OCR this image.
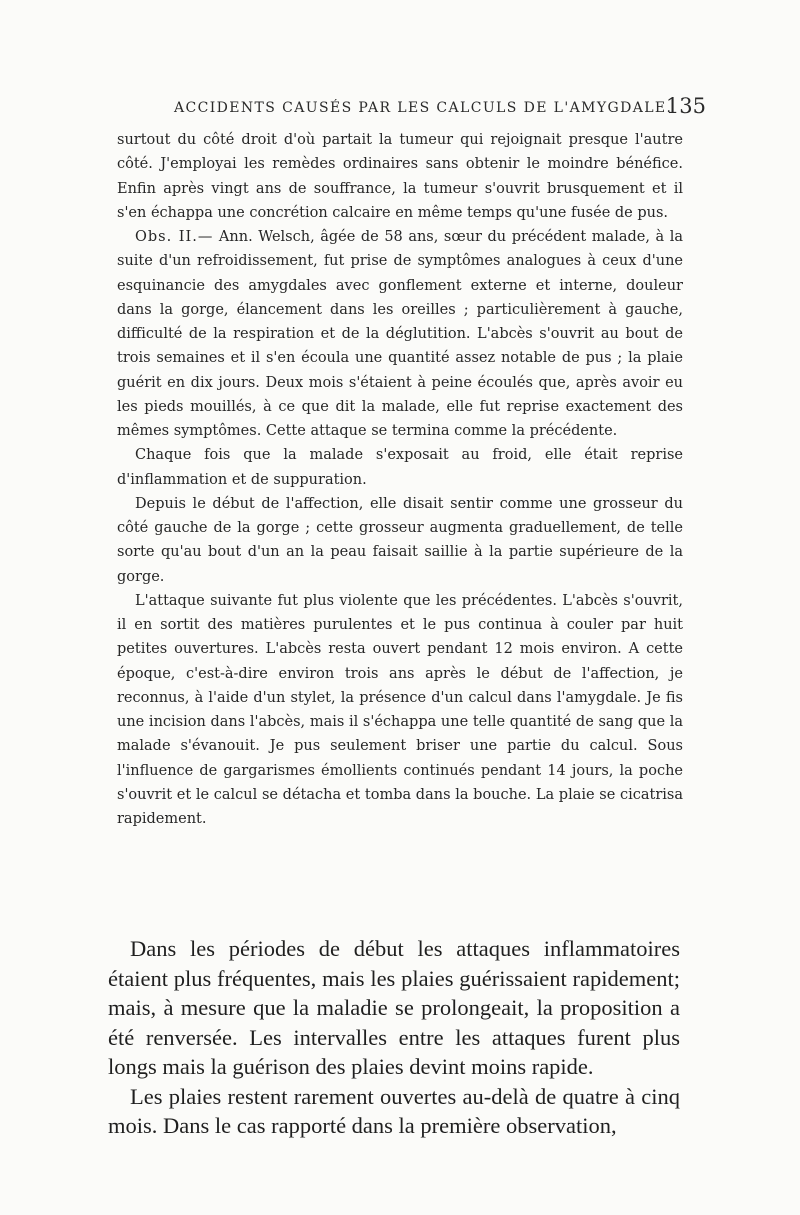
ACCIDENTS CAUSÉS PAR LES CALCULS DE L'AMYGDALE.
135

surtout du côté droit d'où partait la tumeur qui rejoignait presque l'autre côté. J'employai les remèdes ordinaires sans obtenir le moindre bénéfice. Enfin après vingt ans de souffrance, la tumeur s'ouvrit brusquement et il s'en échappa une concrétion calcaire en même temps qu'une fusée de pus.

Obs. II.— Ann. Welsch, âgée de 58 ans, sœur du précédent malade, à la suite d'un refroidissement, fut prise de symptômes analogues à ceux d'une esquinancie des amygdales avec gonflement externe et interne, douleur dans la gorge, élancement dans les oreilles ; particulièrement à gauche, difficulté de la respiration et de la déglutition. L'abcès s'ouvrit au bout de trois semaines et il s'en écoula une quantité assez notable de pus ; la plaie guérit en dix jours. Deux mois s'étaient à peine écoulés que, après avoir eu les pieds mouillés, à ce que dit la malade, elle fut reprise exactement des mêmes symptômes. Cette attaque se termina comme la précédente.

Chaque fois que la malade s'exposait au froid, elle était reprise d'inflammation et de suppuration.

Depuis le début de l'affection, elle disait sentir comme une grosseur du côté gauche de la gorge ; cette grosseur augmenta graduellement, de telle sorte qu'au bout d'un an la peau faisait saillie à la partie supérieure de la gorge.

L'attaque suivante fut plus violente que les précédentes. L'abcès s'ouvrit, il en sortit des matières purulentes et le pus continua à couler par huit petites ouvertures. L'abcès resta ouvert pendant 12 mois environ. A cette époque, c'est-à-dire environ trois ans après le début de l'affection, je reconnus, à l'aide d'un stylet, la présence d'un calcul dans l'amygdale. Je fis une incision dans l'abcès, mais il s'échappa une telle quantité de sang que la malade s'évanouit. Je pus seulement briser une partie du calcul. Sous l'influence de gargarismes émollients continués pendant 14 jours, la poche s'ouvrit et le calcul se détacha et tomba dans la bouche. La plaie se cicatrisa rapidement.

Dans les périodes de début les attaques inflammatoires étaient plus fréquentes, mais les plaies guérissaient rapidement; mais, à mesure que la maladie se prolongeait, la proposition a été renversée. Les intervalles entre les attaques furent plus longs mais la guérison des plaies devint moins rapide.

Les plaies restent rarement ouvertes au-delà de quatre à cinq mois. Dans le cas rapporté dans la première observation,
